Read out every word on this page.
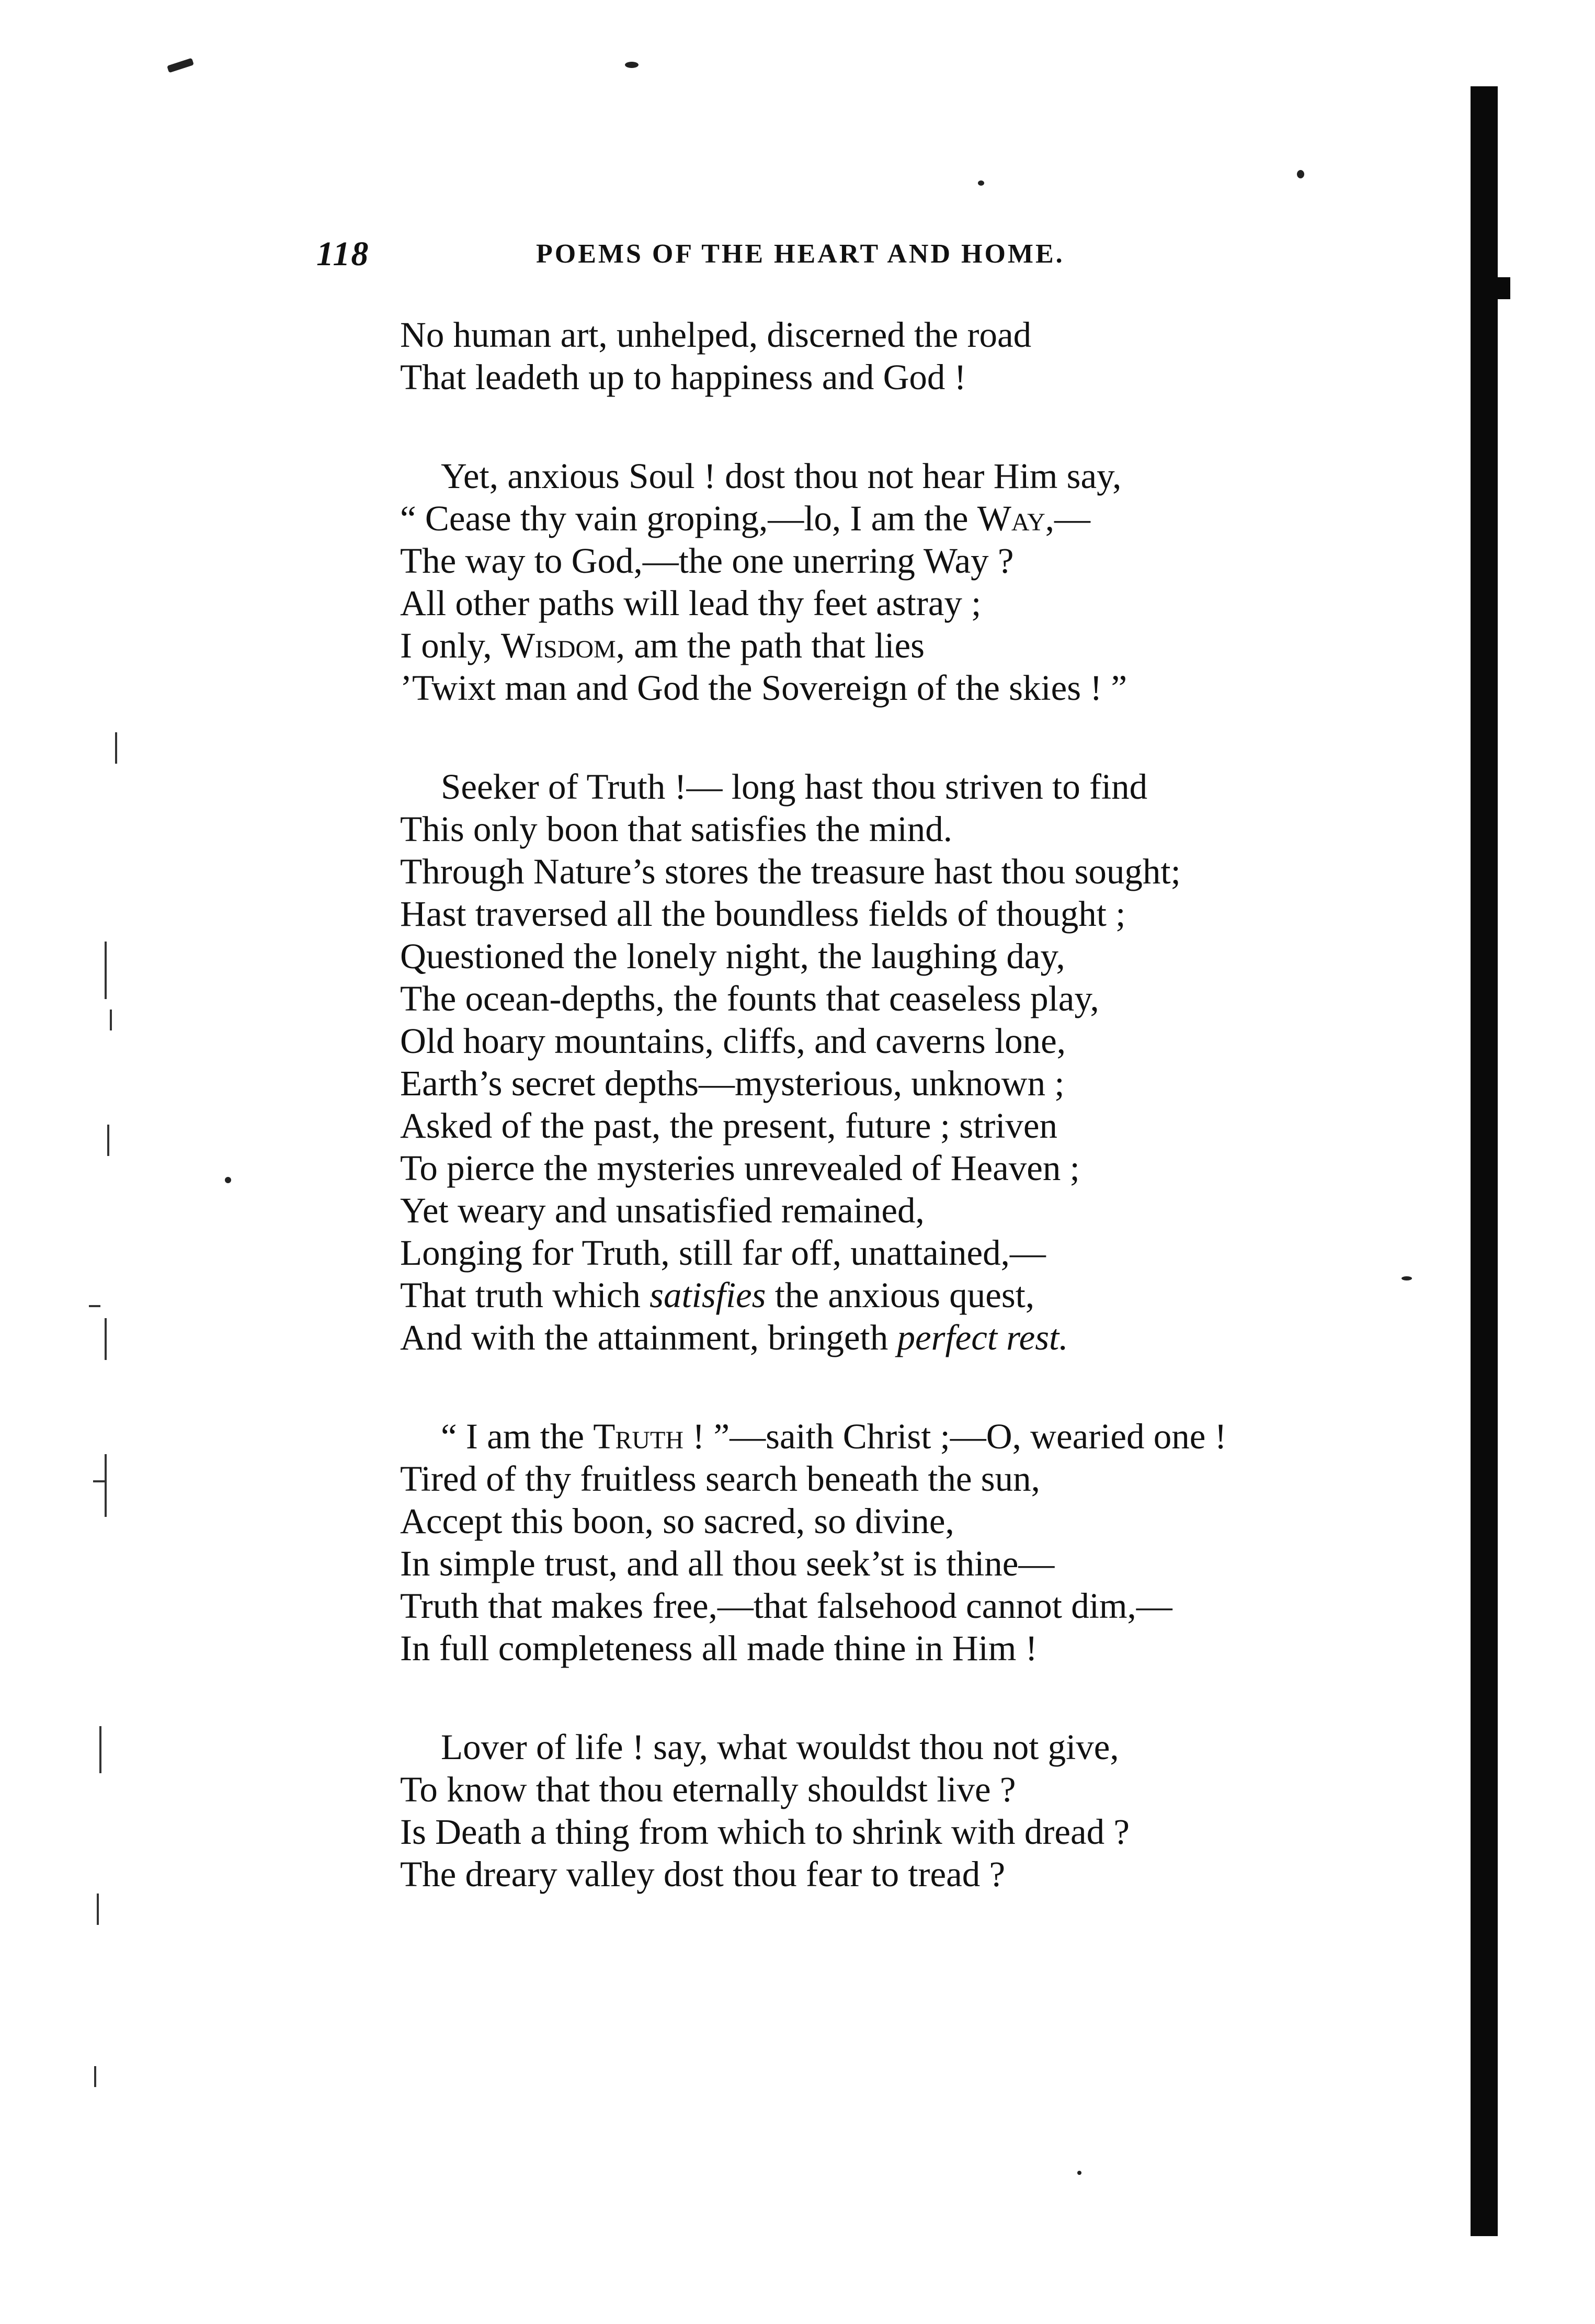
118	POEMS OF THE HEART AND HOME.
No human art, unhelped, discerned the road
That leadeth up to happiness and God !
Yet, anxious Soul ! dost thou not hear Him say,
“ Cease thy vain groping,—lo, I am the Way,—
The way to God,—the one unerring Way ?
All other paths will lead thy feet astray ;
I only, Wisdom, am the path that lies
’Twixt man and God the Sovereign of the skies ! ”
Seeker of Truth !— long hast thou striven to find
This only boon that satisfies the mind.
Through Nature’s stores the treasure hast thou sought;
Hast traversed all the boundless fields of thought ;
Questioned the lonely night, the laughing day,
The ocean-depths, the founts that ceaseless play,
Old hoary mountains, cliffs, and caverns lone,
Earth’s secret depths—mysterious, unknown ;
Asked of the past, the present, future ; striven
To pierce the mysteries unrevealed of Heaven ;
Yet weary and unsatisfied remained,
Longing for Truth, still far off, unattained,—
That truth which satisfies the anxious quest,
And with the attainment, bringeth perfect rest.
“ I am the Truth ! ”—saith Christ ;—O, wearied one !
Tired of thy fruitless search beneath the sun,
Accept this boon, so sacred, so divine,
In simple trust, and all thou seek’st is thine—
Truth that makes free,—that falsehood cannot dim,—
In full completeness all made thine in Him !
Lover of life ! say, what wouldst thou not give,
To know that thou eternally shouldst live ?
Is Death a thing from which to shrink with dread ?
The dreary valley dost thou fear to tread ?
